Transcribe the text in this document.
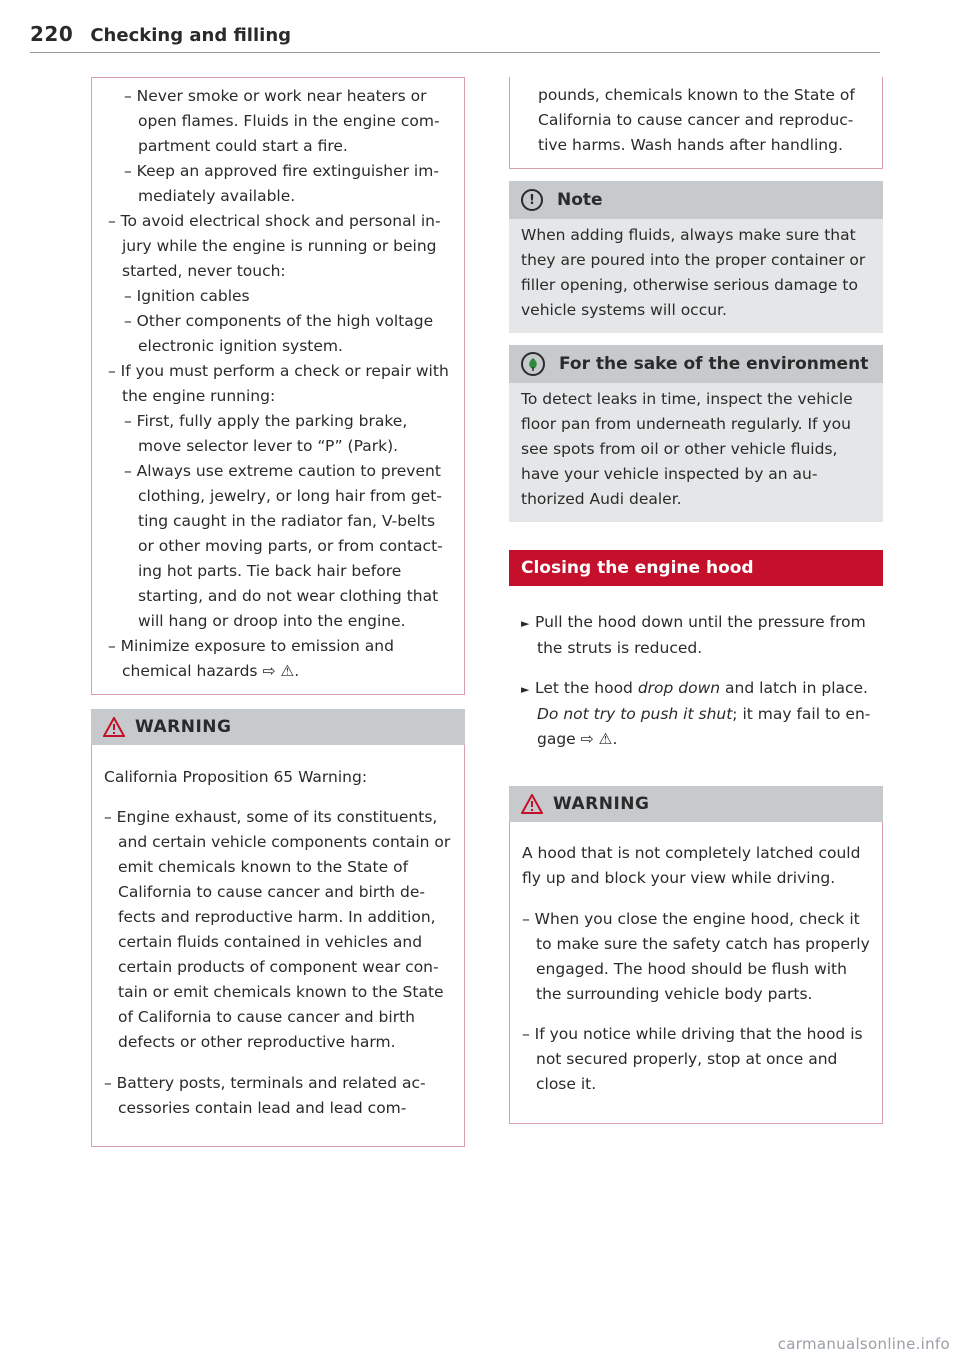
220 Checking and filling

– Never smoke or work near heaters or open flames. Fluids in the engine compartment could start a fire.

– Keep an approved fire extinguisher immediately available.

– To avoid electrical shock and personal injury while the engine is running or being started, never touch:

– Ignition cables

– Other components of the high voltage electronic ignition system.

– If you must perform a check or repair with the engine running:

– First, fully apply the parking brake, move selector lever to “P” (Park).

– Always use extreme caution to prevent clothing, jewelry, or long hair from getting caught in the radiator fan, V-belts or other moving parts, or from contacting hot parts. Tie back hair before starting, and do not wear clothing that will hang or droop into the engine.

– Minimize exposure to emission and chemical hazards ⇨ ⚠.

WARNING

California Proposition 65 Warning:

– Engine exhaust, some of its constituents, and certain vehicle components contain or emit chemicals known to the State of California to cause cancer and birth defects and reproductive harm. In addition, certain fluids contained in vehicles and certain products of component wear contain or emit chemicals known to the State of California to cause cancer and birth defects or other reproductive harm.

– Battery posts, terminals and related accessories contain lead and lead com-

pounds, chemicals known to the State of California to cause cancer and reproductive harms. Wash hands after handling.

!	Note

When adding fluids, always make sure that they are poured into the proper container or filler opening, otherwise serious damage to vehicle systems will occur.

For the sake of the environment

To detect leaks in time, inspect the vehicle floor pan from underneath regularly. If you see spots from oil or other vehicle fluids, have your vehicle inspected by an authorized Audi dealer.

Closing the engine hood

► Pull the hood down until the pressure from the struts is reduced.

► Let the hood drop down and latch in place. Do not try to push it shut; it may fail to engage ⇨ ⚠.

WARNING

A hood that is not completely latched could fly up and block your view while driving.

– When you close the engine hood, check it to make sure the safety catch has properly engaged. The hood should be flush with the surrounding vehicle body parts.

– If you notice while driving that the hood is not secured properly, stop at once and close it.

carmanualsonline.info
